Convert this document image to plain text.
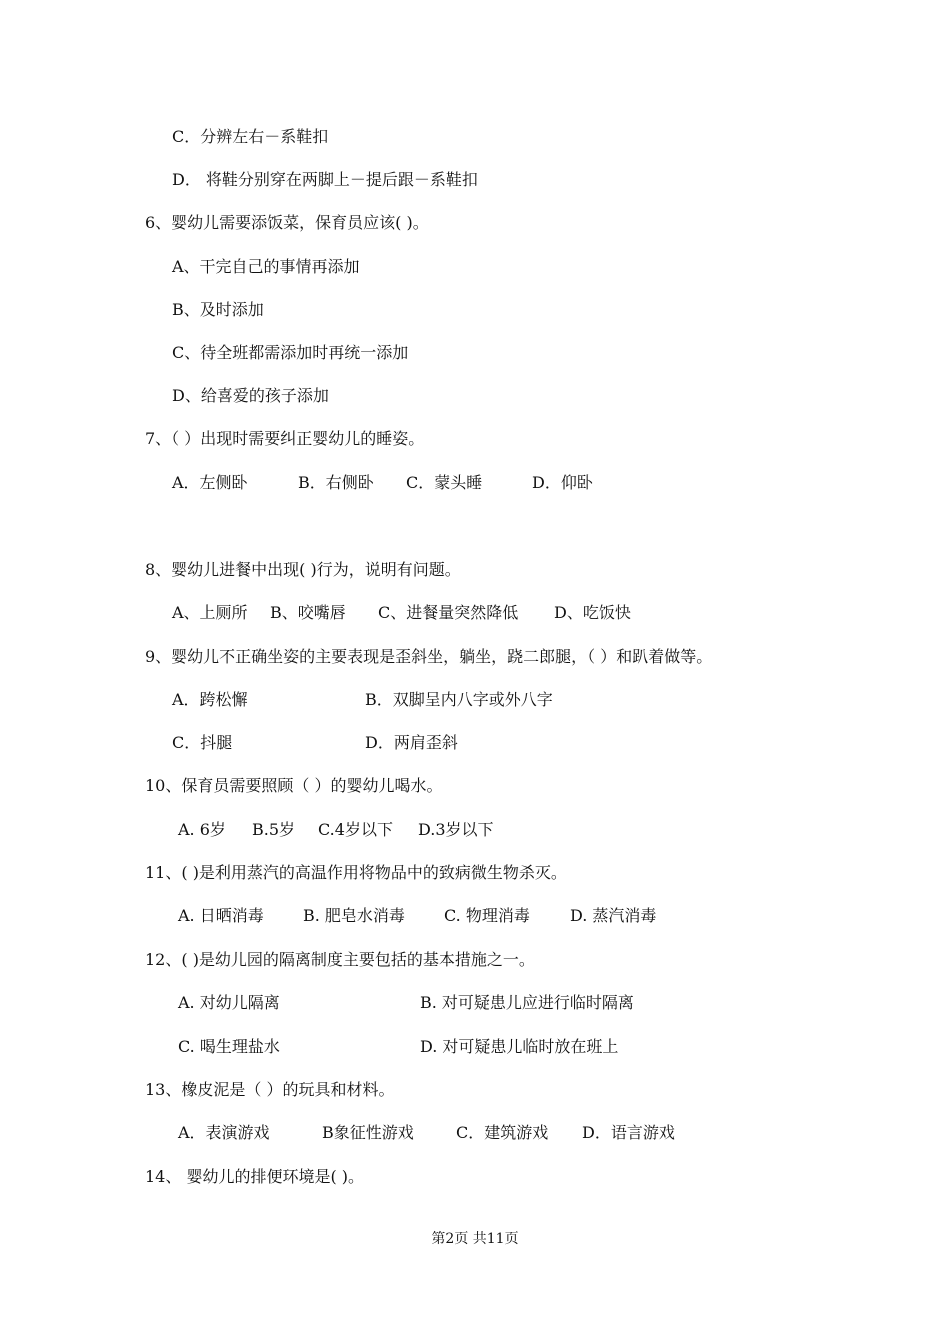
C．分辨左右－系鞋扣
D． 将鞋分别穿在两脚上－提后跟－系鞋扣
6、婴幼儿需要添饭菜，保育员应该( )。
A、干完自己的事情再添加
B、及时添加
C、待全班都需添加时再统一添加
D、给喜爱的孩子添加
7、（ ）出现时需要纠正婴幼儿的睡姿。
A．左侧卧	B．右侧卧 C．蒙头睡	D．仰卧
8、婴幼儿进餐中出现( )行为，说明有问题。
A、上厕所 B、咬嘴唇 C、进餐量突然降低 D、吃饭快
9、婴幼儿不正确坐姿的主要表现是歪斜坐，躺坐，跷二郎腿，（ ）和趴着做等。
A．跨松懈	B．双脚呈内八字或外八字
C．抖腿	D．两肩歪斜
10、保育员需要照顾（ ）的婴幼儿喝水。
A. 6岁 B.5岁 C.4岁以下 D.3岁以下
11、( )是利用蒸汽的高温作用将物品中的致病微生物杀灭。
A. 日晒消毒 B. 肥皂水消毒 C. 物理消毒	D. 蒸汽消毒
12、( )是幼儿园的隔离制度主要包括的基本措施之一。
A. 对幼儿隔离	B. 对可疑患儿应进行临时隔离
C. 喝生理盐水	D. 对可疑患儿临时放在班上
13、橡皮泥是（ ）的玩具和材料。
A．表演游戏	B象征性游戏	C．建筑游戏 D．语言游戏
14、 婴幼儿的排便环境是( )。
第2页 共11页
